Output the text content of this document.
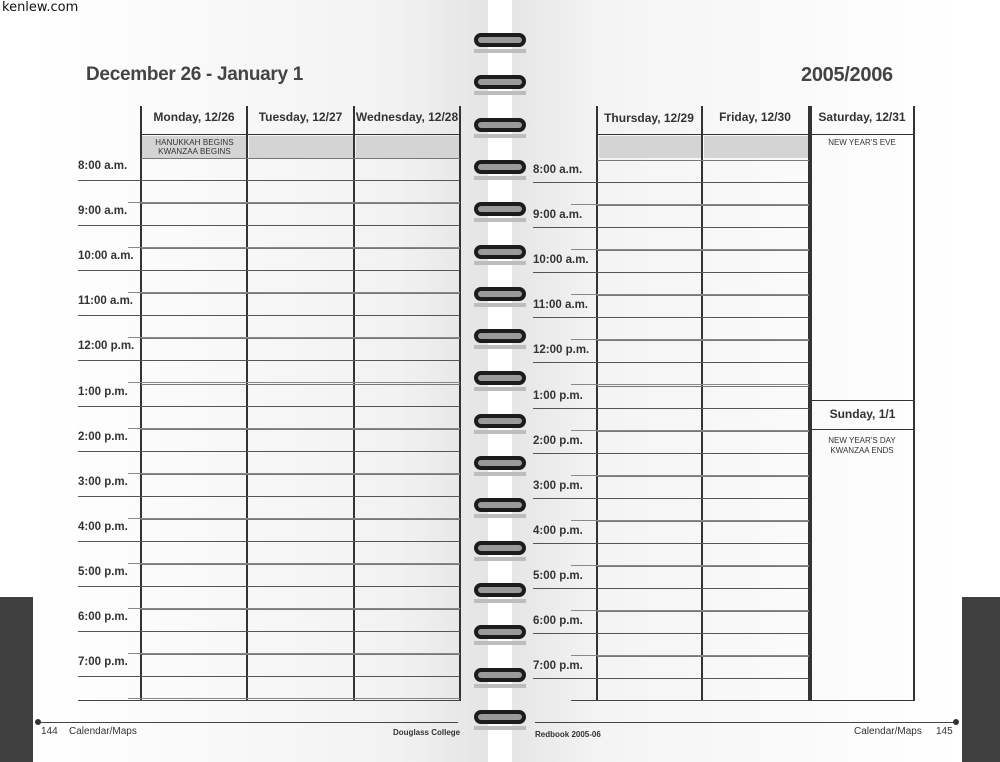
kenlew.com
December 26 - January 1	2005/2006
Monday, 12/26	Tuesday, 12/27	Wednesday, 12/28
HANUKKAH BEGINS
KWANZAA BEGINS
8:00 a.m.
9:00 a.m.
10:00 a.m.
11:00 a.m.
12:00 p.m.
1:00 p.m.
2:00 p.m.
3:00 p.m.
4:00 p.m.
5:00 p.m.
6:00 p.m.
7:00 p.m.
Thursday, 12/29	Friday, 12/30	Saturday, 12/31
NEW YEAR'S EVE
Sunday, 1/1
NEW YEAR'S DAY
KWANZAA ENDS
8:00 a.m.
9:00 a.m.
10:00 a.m.
11:00 a.m.
12:00 p.m.
1:00 p.m.
2:00 p.m.
3:00 p.m.
4:00 p.m.
5:00 p.m.
6:00 p.m.
7:00 p.m.
144 Calendar/Maps	Douglass College	Redbook 2005-06	Calendar/Maps 145
